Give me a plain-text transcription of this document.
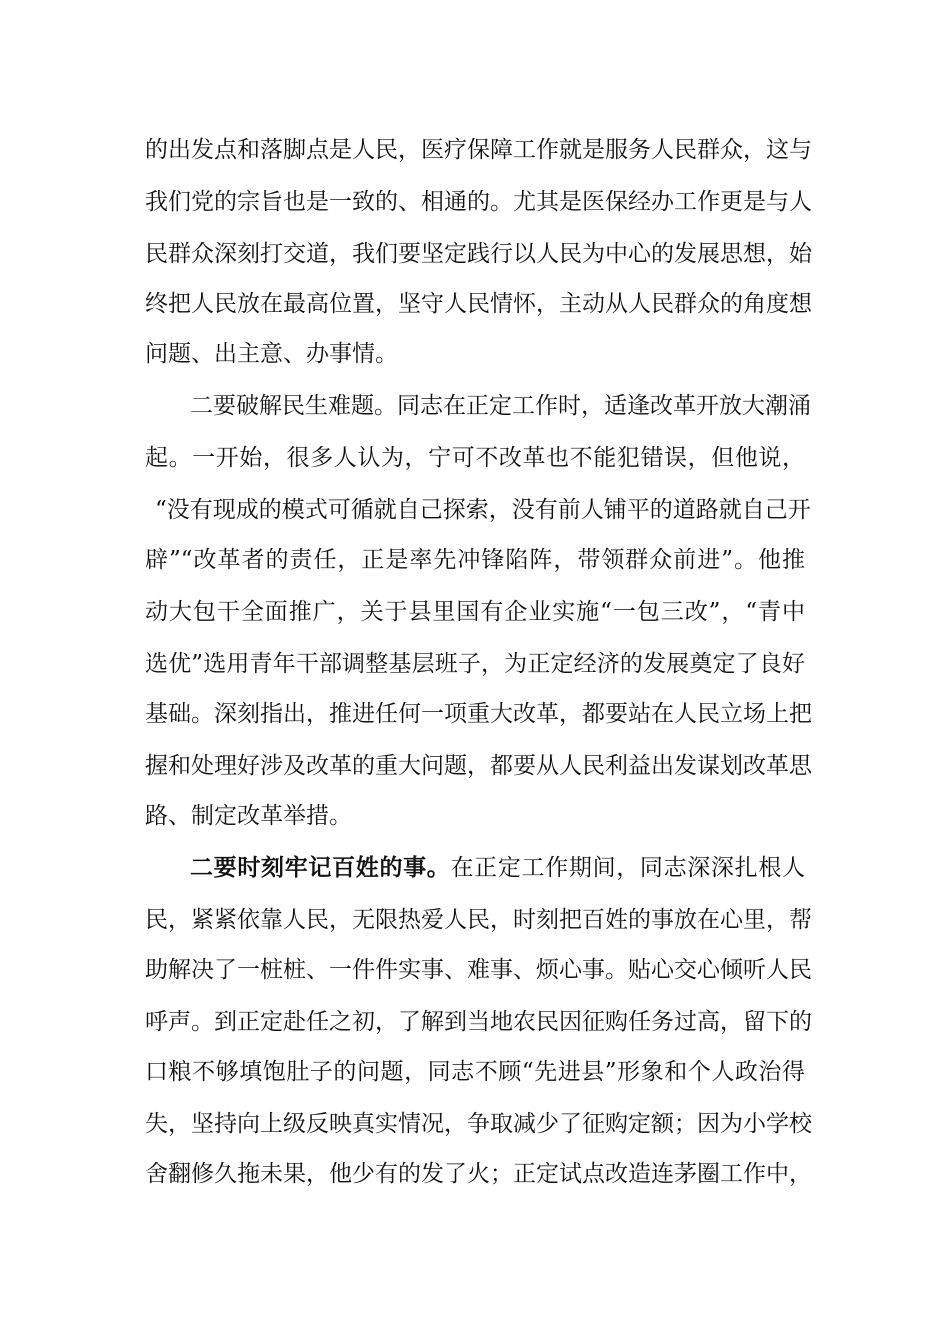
的出发点和落脚点是人民，医疗保障工作就是服务人民群众，这与
我们党的宗旨也是一致的、相通的。尤其是医保经办工作更是与人
民群众深刻打交道，我们要坚定践行以人民为中心的发展思想，始
终把人民放在最高位置，坚守人民情怀，主动从人民群众的角度想
问题、出主意、办事情。
二要破解民生难题。同志在正定工作时，适逢改革开放大潮涌
起。一开始，很多人认为，宁可不改革也不能犯错误，但他说，
“没有现成的模式可循就自己探索，没有前人铺平的道路就自己开
辟”“改革者的责任，正是率先冲锋陷阵，带领群众前进”。他推
动大包干全面推广，关于县里国有企业实施“一包三改”，“青中
选优”选用青年干部调整基层班子，为正定经济的发展奠定了良好
基础。深刻指出，推进任何一项重大改革，都要站在人民立场上把
握和处理好涉及改革的重大问题，都要从人民利益出发谋划改革思
路、制定改革举措。
二要时刻牢记百姓的事。在正定工作期间，同志深深扎根人
民，紧紧依靠人民，无限热爱人民，时刻把百姓的事放在心里，帮
助解决了一桩桩、一件件实事、难事、烦心事。贴心交心倾听人民
呼声。到正定赴任之初，了解到当地农民因征购任务过高，留下的
口粮不够填饱肚子的问题，同志不顾“先进县”形象和个人政治得
失，坚持向上级反映真实情况，争取减少了征购定额；因为小学校
舍翻修久拖未果，他少有的发了火；正定试点改造连茅圈工作中，
